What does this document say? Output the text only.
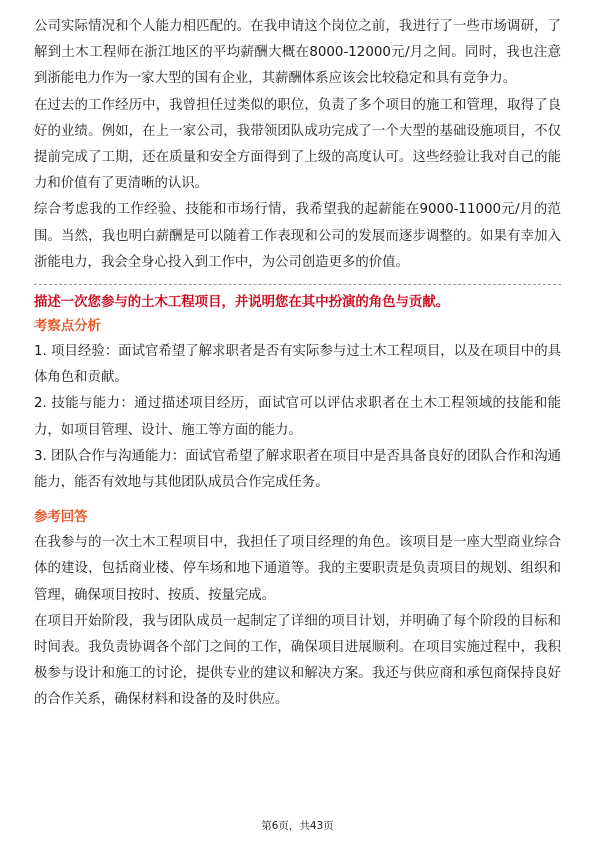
公司实际情况和个人能力相匹配的。在我申请这个岗位之前，我进行了一些市场调研，了解到土木工程师在浙江地区的平均薪酬大概在8000-12000元/月之间。同时，我也注意到浙能电力作为一家大型的国有企业，其薪酬体系应该会比较稳定和具有竞争力。

在过去的工作经历中，我曾担任过类似的职位，负责了多个项目的施工和管理，取得了良好的业绩。例如，在上一家公司，我带领团队成功完成了一个大型的基础设施项目，不仅提前完成了工期，还在质量和安全方面得到了上级的高度认可。这些经验让我对自己的能力和价值有了更清晰的认识。

综合考虑我的工作经验、技能和市场行情，我希望我的起薪能在9000-11000元/月的范围。当然，我也明白薪酬是可以随着工作表现和公司的发展而逐步调整的。如果有幸加入浙能电力，我会全身心投入到工作中，为公司创造更多的价值。

描述一次您参与的土木工程项目，并说明您在其中扮演的角色与贡献。

考察点分析

1. 项目经验：面试官希望了解求职者是否有实际参与过土木工程项目，以及在项目中的具体角色和贡献。

2. 技能与能力：通过描述项目经历，面试官可以评估求职者在土木工程领域的技能和能力，如项目管理、设计、施工等方面的能力。

3. 团队合作与沟通能力：面试官希望了解求职者在项目中是否具备良好的团队合作和沟通能力，能否有效地与其他团队成员合作完成任务。

参考回答

在我参与的一次土木工程项目中，我担任了项目经理的角色。该项目是一座大型商业综合体的建设，包括商业楼、停车场和地下通道等。我的主要职责是负责项目的规划、组织和管理，确保项目按时、按质、按量完成。

在项目开始阶段，我与团队成员一起制定了详细的项目计划，并明确了每个阶段的目标和时间表。我负责协调各个部门之间的工作，确保项目进展顺利。在项目实施过程中，我积极参与设计和施工的讨论，提供专业的建议和解决方案。我还与供应商和承包商保持良好的合作关系，确保材料和设备的及时供应。

第6页，共43页
